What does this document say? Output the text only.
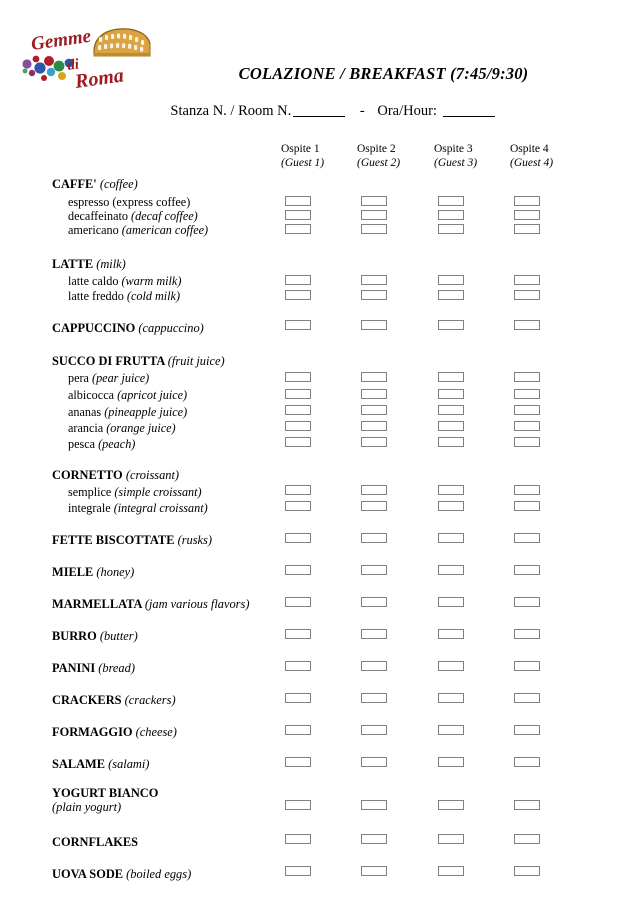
Gemme
di
Roma	COLAZIONE / BREAKFAST (7:45/9:30)
Stanza N. / Room N.	- Ora/Hour:
Ospite 1
(Guest 1)
Ospite 2
(Guest 2)
Ospite 3
(Guest 3)
Ospite 4
(Guest 4)
CAFFE' (coffee)
espresso (express coffee)
decaffeinato (decaf coffee)
americano (american coffee)
LATTE (milk)
latte caldo (warm milk)
latte freddo (cold milk)
CAPPUCCINO (cappuccino)
SUCCO DI FRUTTA (fruit juice)
pera (pear juice)
albicocca (apricot juice)
ananas (pineapple juice)
arancia (orange juice)
pesca (peach)
CORNETTO (croissant)
semplice (simple croissant)
integrale (integral croissant)
FETTE BISCOTTATE (rusks)
MIELE (honey)
MARMELLATA (jam various flavors)
BURRO (butter)
PANINI (bread)
CRACKERS (crackers)
FORMAGGIO (cheese)
SALAME (salami)
YOGURT BIANCO
(plain yogurt)
CORNFLAKES
UOVA SODE (boiled eggs)
